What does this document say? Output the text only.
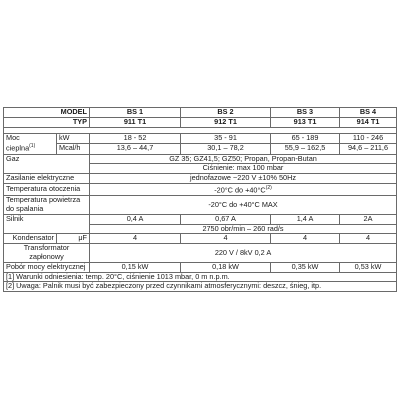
MODEL		BS 1	BS 2	BS 3	BS 4
TYP		911 T1	912 T1	913 T1	914 T1

Moc
cieplna$^{(1)}$	kW	18 - 52	35 - 91	65 - 189	110 - 246
	Mcal/h	13,6 – 44,7	30,1 – 78,2	55,9 – 162,5	94,6 – 211,6
Gaz		GZ 35; GZ41,5; GZ50; Propan, Propan-Butan			
		Ciśnienie: max 100 mbar			
Zasilanie elektryczne		jednofazowe ~220 V ±10% 50Hz			
Temperatura otoczenia		-20°C do $+40^\circ C^{(2)}$
Temperatura powietrza
do spalania		-20°C do +40°C MAX			
Silnik		0,4 A	0,67 A	1,4 A	2A
		2750 obr/min – 260 rad/s			
Kondensator	μF	4	4	4	4
Transformator
zapłonowy		220 V / 8kV 0,2 A			
Pobór mocy elektrycznej		0,15 kW	0,18 kW	0,35 kW	0,53 kW
[1] Warunki odniesienia: temp. 20°C, ciśnienie 1013 mbar, 0 m n.p.m.					
[2] Uwaga: Palnik musi być zabezpieczony przed czynnikami atmosferycznymi: deszcz, śnieg, itp.					
